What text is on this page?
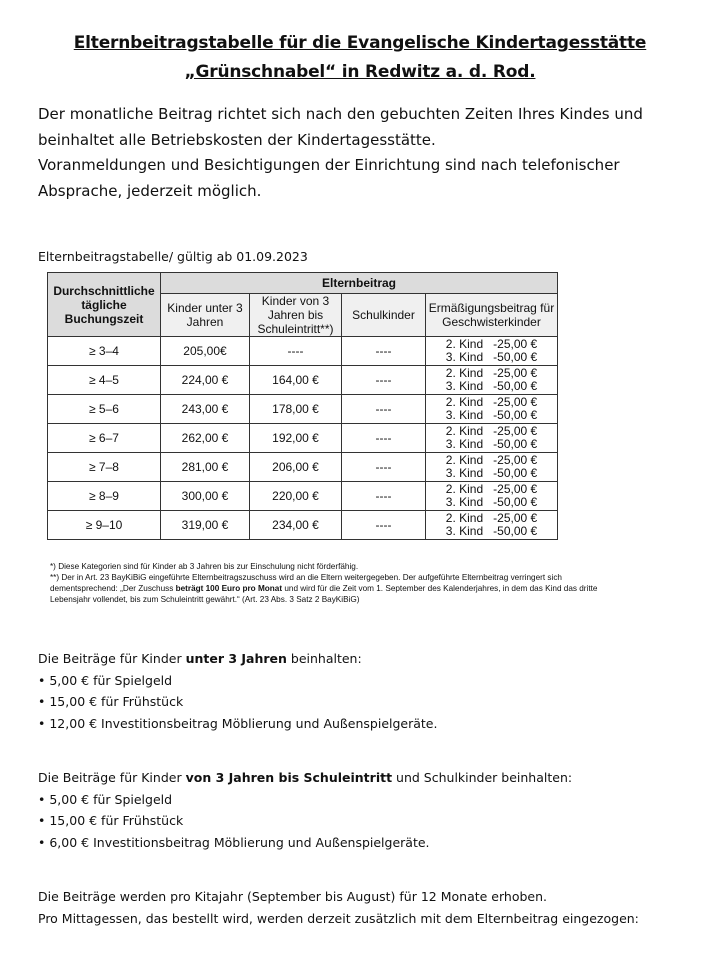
Elternbeitragstabelle für die Evangelische Kindertagesstätte
„Grünschnabel“ in Redwitz a. d. Rod.

Der monatliche Beitrag richtet sich nach den gebuchten Zeiten Ihres Kindes und beinhaltet alle Betriebskosten der Kindertagesstätte.

Voranmeldungen und Besichtigungen der Einrichtung sind nach telefonischer Absprache, jederzeit möglich.

Elternbeitragstabelle/ gültig ab 01.09.2023
Durchschnittliche tägliche Buchungszeit	Elternbeitrag			
	Kinder unter 3 Jahren	Kinder von 3 Jahren bis Schuleintritt**)	Schulkinder	Ermäßigungsbeitrag für Geschwisterkinder
≥ 3–4	205,00€	----	----	2. Kind   -25,00 €
3. Kind   -50,00 €

≥ 4–5	224,00 €	164,00 €	----	2. Kind   -25,00 €
3. Kind   -50,00 €

≥ 5–6	243,00 €	178,00 €	----	2. Kind   -25,00 €
3. Kind   -50,00 €

≥ 6–7	262,00 €	192,00 €	----	2. Kind   -25,00 €
3. Kind   -50,00 €

≥ 7–8	281,00 €	206,00 €	----	2. Kind   -25,00 €
3. Kind   -50,00 €

≥ 8–9	300,00 €	220,00 €	----	2. Kind   -25,00 €
3. Kind   -50,00 €

≥ 9–10	319,00 €	234,00 €	----	2. Kind   -25,00 €
3. Kind   -50,00 €

*) Diese Kategorien sind für Kinder ab 3 Jahren bis zur Einschulung nicht förderfähig.

**) Der in Art. 23 BayKiBiG eingeführte Elternbeitragszuschuss wird an die Eltern weitergegeben. Der aufgeführte Elternbeitrag verringert sich dementsprechend: „Der Zuschuss beträgt 100 Euro pro Monat und wird für die Zeit vom 1. September des Kalenderjahres, in dem das Kind das dritte Lebensjahr vollendet, bis zum Schuleintritt gewährt.“ (Art. 23 Abs. 3 Satz 2 BayKiBiG)

Die Beiträge für Kinder unter 3 Jahren beinhalten:

• 5,00 € für Spielgeld
• 15,00 € für Frühstück
• 12,00 € Investitionsbeitrag Möblierung und Außenspielgeräte.

Die Beiträge für Kinder von 3 Jahren bis Schuleintritt und Schulkinder beinhalten:

• 5,00 € für Spielgeld
• 15,00 € für Frühstück
• 6,00 € Investitionsbeitrag Möblierung und Außenspielgeräte.

Die Beiträge werden pro Kitajahr (September bis August) für 12 Monate erhoben.

Pro Mittagessen, das bestellt wird, werden derzeit zusätzlich mit dem Elternbeitrag eingezogen:
